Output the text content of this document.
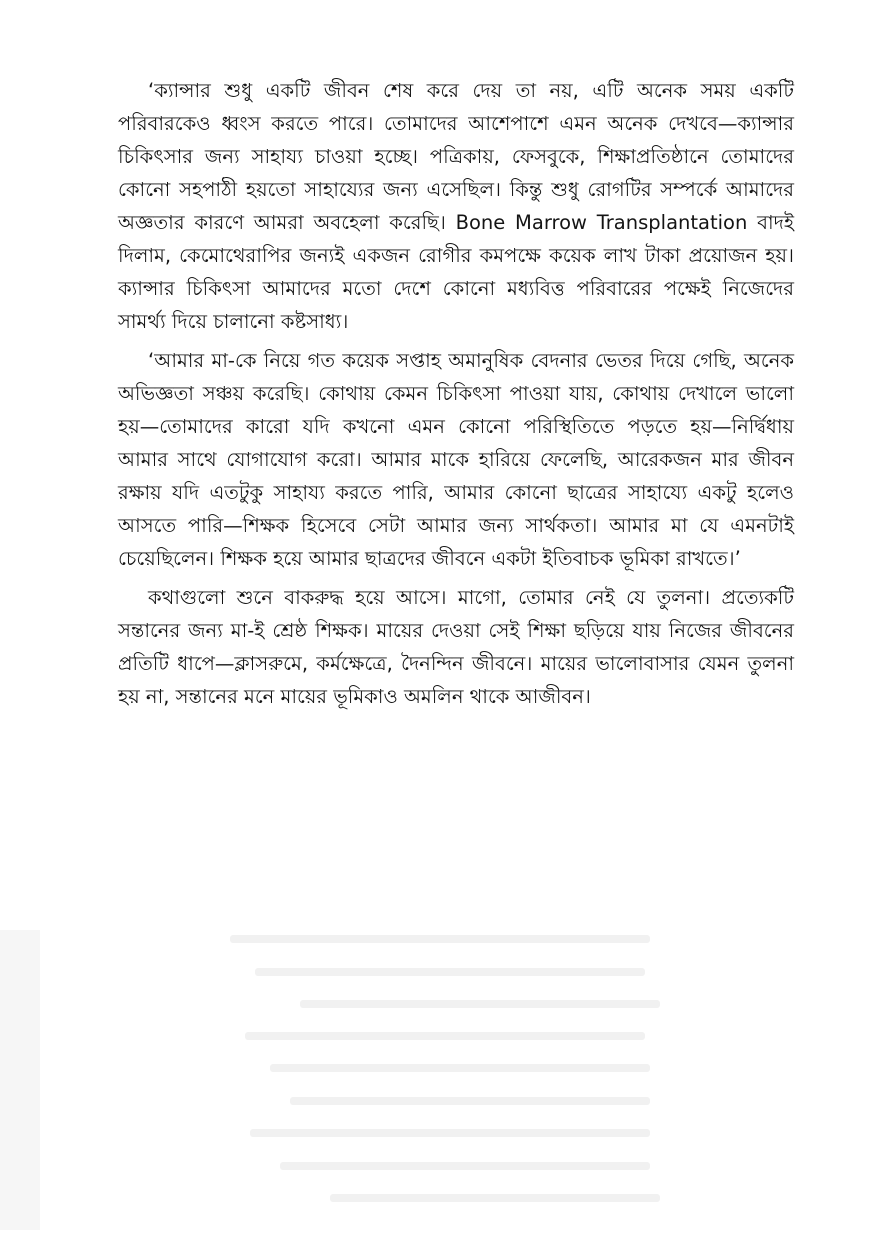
‘ক্যান্সার শুধু একটি জীবন শেষ করে দেয় তা নয়, এটি অনেক সময় একটি পরিবারকেও ধ্বংস করতে পারে। তোমাদের আশেপাশে এমন অনেক দেখবে—ক্যান্সার চিকিৎসার জন্য সাহায্য চাওয়া হচ্ছে। পত্রিকায়, ফেসবুকে, শিক্ষাপ্রতিষ্ঠানে তোমাদের কোনো সহপাঠী হয়তো সাহায্যের জন্য এসেছিল। কিন্তু শুধু রোগটির সম্পর্কে আমাদের অজ্ঞতার কারণে আমরা অবহেলা করেছি। Bone Marrow Transplantation বাদই দিলাম, কেমোথেরাপির জন্যই একজন রোগীর কমপক্ষে কয়েক লাখ টাকা প্রয়োজন হয়। ক্যান্সার চিকিৎসা আমাদের মতো দেশে কোনো মধ্যবিত্ত পরিবারের পক্ষেই নিজেদের সামর্থ্য দিয়ে চালানো কষ্টসাধ্য।

‘আমার মা-কে নিয়ে গত কয়েক সপ্তাহ অমানুষিক বেদনার ভেতর দিয়ে গেছি, অনেক অভিজ্ঞতা সঞ্চয় করেছি। কোথায় কেমন চিকিৎসা পাওয়া যায়, কোথায় দেখালে ভালো হয়—তোমাদের কারো যদি কখনো এমন কোনো পরিস্থিতিতে পড়তে হয়—নির্দ্বিধায় আমার সাথে যোগাযোগ করো। আমার মাকে হারিয়ে ফেলেছি, আরেকজন মার জীবন রক্ষায় যদি এতটুকু সাহায্য করতে পারি, আমার কোনো ছাত্রের সাহায্যে একটু হলেও আসতে পারি—শিক্ষক হিসেবে সেটা আমার জন্য সার্থকতা। আমার মা যে এমনটাই চেয়েছিলেন। শিক্ষক হয়ে আমার ছাত্রদের জীবনে একটা ইতিবাচক ভূমিকা রাখতে।’

কথাগুলো শুনে বাকরুদ্ধ হয়ে আসে। মাগো, তোমার নেই যে তুলনা। প্রত্যেকটি সন্তানের জন্য মা-ই শ্রেষ্ঠ শিক্ষক। মায়ের দেওয়া সেই শিক্ষা ছড়িয়ে যায় নিজের জীবনের প্রতিটি ধাপে—ক্লাসরুমে, কর্মক্ষেত্রে, দৈনন্দিন জীবনে। মায়ের ভালোবাসার যেমন তুলনা হয় না, সন্তানের মনে মায়ের ভূমিকাও অমলিন থাকে আজীবন।
